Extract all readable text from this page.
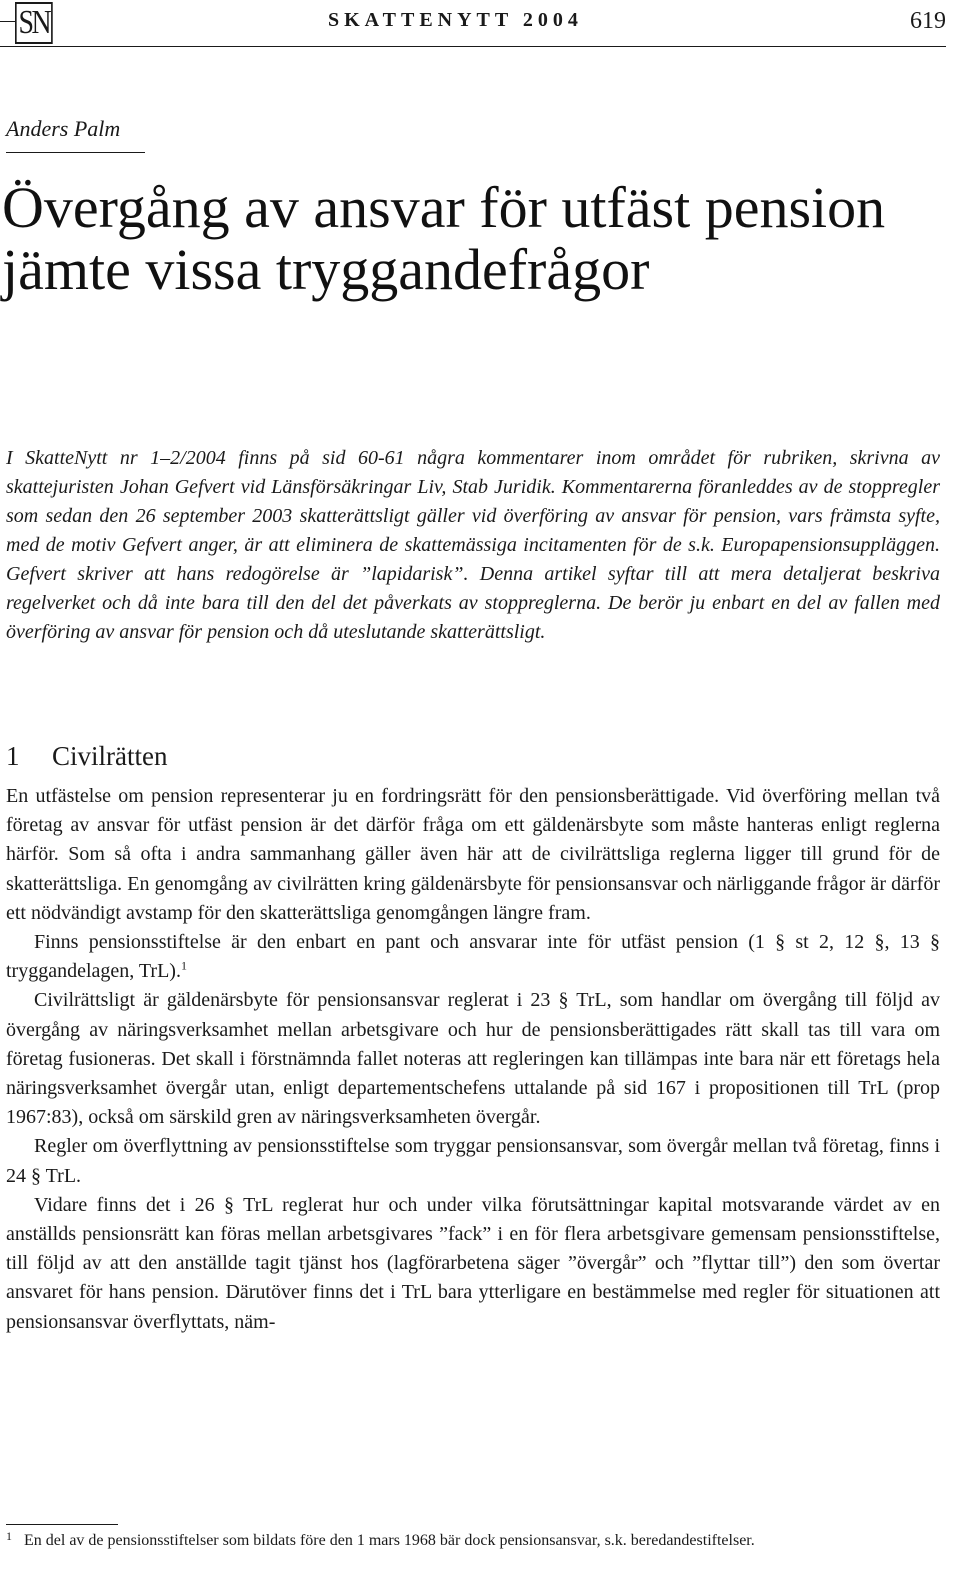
SN	SKATTENYTT 2004	619
Anders Palm
Övergång av ansvar för utfäst pension jämte vissa tryggandefrågor

I SkatteNytt nr 1–2/2004 finns på sid 60-61 några kommentarer inom området för rubriken, skrivna av skattejuristen Johan Gefvert vid Länsförsäkringar Liv, Stab Juridik. Kommentarerna föranleddes av de stoppregler som sedan den 26 september 2003 skatterättsligt gäller vid överföring av ansvar för pension, vars främsta syfte, med de motiv Gefvert anger, är att eliminera de skattemässiga incitamenten för de s.k. Europapensionsuppläggen. Gefvert skriver att hans redogörelse är ”lapidarisk”. Denna artikel syftar till att mera detaljerat beskriva regelverket och då inte bara till den del det påverkats av stoppreglerna. De berör ju enbart en del av fallen med överföring av ansvar för pension och då uteslutande skatterättsligt.

1 Civilrätten

En utfästelse om pension representerar ju en fordringsrätt för den pensionsberättigade. Vid överföring mellan två företag av ansvar för utfäst pension är det därför fråga om ett gäldenärsbyte som måste hanteras enligt reglerna härför. Som så ofta i andra sammanhang gäller även här att de civilrättsliga reglerna ligger till grund för de skatterättsliga. En genomgång av civilrätten kring gäldenärsbyte för pensionsansvar och närliggande frågor är därför ett nödvändigt avstamp för den skatterättsliga genomgången längre fram.

Finns pensionsstiftelse är den enbart en pant och ansvarar inte för utfäst pension (1 § st 2, 12 §, 13 § tryggandelagen, TrL).$^1$

Civilrättsligt är gäldenärsbyte för pensionsansvar reglerat i 23 § TrL, som handlar om övergång till följd av övergång av näringsverksamhet mellan arbetsgivare och hur de pensionsberättigades rätt skall tas till vara om företag fusioneras. Det skall i förstnämnda fallet noteras att regleringen kan tillämpas inte bara när ett företags hela näringsverksamhet övergår utan, enligt departementschefens uttalande på sid 167 i propositionen till TrL (prop 1967:83), också om särskild gren av näringsverksamheten övergår.

Regler om överflyttning av pensionsstiftelse som tryggar pensionsansvar, som övergår mellan två företag, finns i 24 § TrL.

Vidare finns det i 26 § TrL reglerat hur och under vilka förutsättningar kapital motsvarande värdet av en anställds pensionsrätt kan föras mellan arbetsgivares ”fack” i en för flera arbetsgivare gemensam pensionsstiftelse, till följd av att den anställde tagit tjänst hos (lagförarbetena säger ”övergår” och ”flyttar till”) den som övertar ansvaret för hans pension. Därutöver finns det i TrL bara ytterligare en bestämmelse med regler för situationen att pensionsansvar överflyttats, näm-

1 En del av de pensionsstiftelser som bildats före den 1 mars 1968 bär dock pensionsansvar, s.k. beredandestiftelser.
